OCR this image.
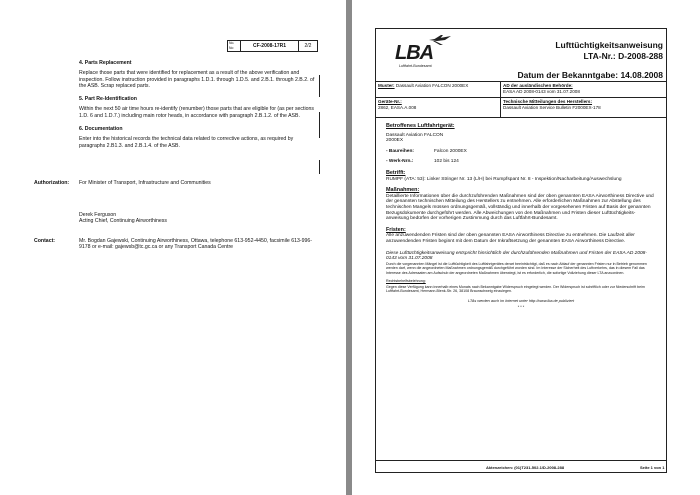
No.
No	CF-2008-17R1	2/2
4. Parts Replacement

Replace those parts that were identified for replacement as a result of the above verification and inspection. Follow instruction provided in paragraphs 1.D.1. through 1.D.5. and 2.B.1. through 2.B.2. of the ASB. Scrap replaced parts.

5. Part Re-Identification

Within the next 50 air time hours re-identify (renumber) those parts that are eligible for (as per sections 1.D. 6 and 1.D.7.) including main rotor heads, in accordance with paragraph 2.B.1.2. of the ASB.

6. Documentation

Enter into the historical records the technical data related to corrective actions, as required by paragraphs 2.B1.3. and 2.B.1.4. of the ASB.

Authorization: For Minister of Transport, Infrastructure and Communities
Derek Ferguson
Acting Chief, Continuing Airworthiness
Contact:	Mr. Bogdan Gajewski, Continuing Airworthiness, Ottawa, telephone 613-952-4450, facsimile 613-996-9178 or e-mail: gajewsb@tc.gc.ca or any Transport Canada Centre
LBA
Luftfahrt-Bundesamt
Lufttüchtigkeitsanweisung
LTA-Nr.: D-2008-288
Datum der Bekanntgabe: 14.08.2008
Muster: Dassault Aviation FALCON 2000EX	AD der ausländischen Behörde:
EASA AD 2008-0143 vom 31.07.2008
Geräte-Nr.:
2862, EASA.A.008
Technische Mitteilungen des Herstellers:
Dassault Aviation Service Bulletin F2000EX-178
Betroffenes Luftfahrtgerät:
Dassault Aviation FALCON 2000EX
- Baureihen:	Falcon 2000EX
- Werk-Nrn.:	102 bis 124
Betrifft:
RUMPF (ATA: 53): Linker Stringer Nr. 13 (L/H) bei Rumpfspant Nr. 8 - Inspektion/Nacharbeitung/Auswechslung
Maßnahmen:
Detaillierte Informationen über die durchzuführenden Maßnahmen sind der oben genannten EASA Airworthiness Directive und der genannten technischen Mitteilung des Herstellers zu entnehmen. Alle erforderlichen Maßnahmen zur Abstellung des technischen Mangels müssen ordnungsgemäß, vollständig und innerhalb der vorgesehenen Fristen auf Basis der genannten Bezugsdokumente durchgeführt werden. Alle Abweichungen von den Maßnahmen und Fristen dieser Lufttüchtigkeits-anweisung bedürfen der vorherigen Zustimmung durch das Luftfahrt-Bundesamt.
Fristen:
Alle anzuwendenden Fristen sind der oben genannten EASA Airworthiness Directive zu entnehmen. Die Laufzeit aller anzuwendenden Fristen beginnt mit dem Datum der Inkraftsetzung der genannten EASA Airworthiness Directive.
Diese Lufttüchtigkeitsanweisung entspricht hinsichtlich der durchzuführenden Maßnahmen und Fristen der EASA AD 2008-0143 vom 31.07.2008
Durch die vorgenannten Mängel ist die Lufttüchtigkeit des Luftfahrtgerätes derart beeinträchtigt, daß es nach Ablauf der genannten Fristen nur in Betrieb genommen werden darf, wenn die angeordneten Maßnahmen ordnungsgemäß durchgeführt worden sind. Im Interesse der Sicherheit des Luftverkehrs, das in diesem Fall das Interesse des Adressaten am Aufschub der angeordneten Maßnahmen überwiegt, ist es erforderlich, die sofortige Vollziehung dieser LTA anzuordnen.
Rechtsbehelfsbelehrung:
Gegen diese Verfügung kann innerhalb eines Monats nach Bekanntgabe Widerspruch eingelegt werden. Der Widerspruch ist schriftlich oder zur Niederschrift beim Luftfahrt-Bundesamt, Hermann-Blenk-Str. 26, 38108 Braunschweig einzulegen.
LTAs werden auch im Internet unter http://www.lba.de publiziert
* * *
Aktenzeichen: (01)T231-502.1/D-2008-288	Seite 1 von 1
